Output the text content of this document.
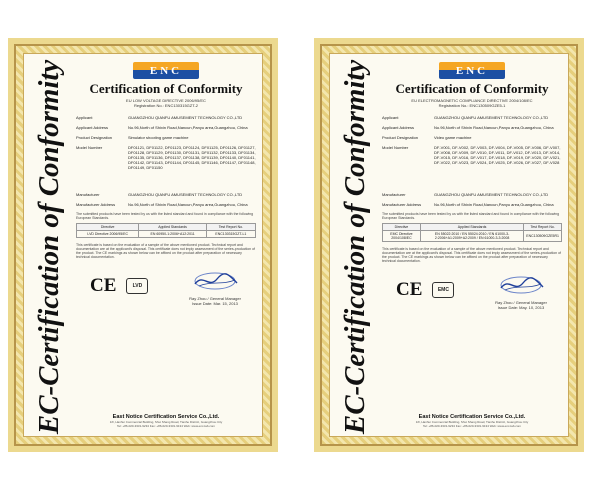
EC-Certification of Conformity
ENC
Certification of Conformity
EU LOW VOLTAGE DIRECTIVE 2006/95/EC
Registration No.: ENC130315GZT-2
Applicant	GUANGZHOU QIANFU AMUSEMENT TECHNOLOGY CO.,LTD
Applicant Address	No.96,North of Shixin Road,Nancun,Panyu area,Guangzhou, China
Product Designation	Simulator shooting game machine
Model Number	DF01121, DF01122, DF01123, DF01124, DF01125, DF01126, DF01127, DF01128, DF01129, DF01130, DF01131, DF01132, DF01133, DF01134, DF01135, DF01136, DF01137, DF01138, DF01139, DF01140, DF01141, DF01142, DF01143, DF01144, DF01145, DF01146, DF01147, DF01148, DF01149, DF01150
Manufacturer	GUANGZHOU QIANFU AMUSEMENT TECHNOLOGY CO.,LTD
Manufacturer Address	No.96,North of Shixin Road,Nancun,Panyu area,Guangzhou, China
The submitted products have been tested by us with the listed standard and found in compliance with the following European Standards.
Directive	Applied Standards	Test Report No.
LVD Directive 2006/95/EC	EN 60950-1:2006+A12:2011	ENC130315GZT-L1
This certificate is based on the evaluation of a sample of the above mentioned product. Technical report and documentation are at the applicant's disposal. This certificate does not imply assessment of the series-production of the product. The CE markings as shown below can be affixed on the product after preparation of necessary technical documentation.
CE	LVD
Ray Zhou / General Manager
Issue Date: Mar. 15, 2013
East Notice Certification Service Co.,Ltd.
1/F, Hanhui Commercial Building, Shui Shang Road, Tianhe District, Guangzhou City
Tel: +86-020-3331-9234 Fax: +86-020-3331-9134 Web: www.enc-lab.com	EC-Certification of Conformity
ENC
Certification of Conformity
EU ELECTROMAGNETIC COMPLIANCE DIRECTIVE 2004/108/EC
Registration No.: ENC130509GZE5-1
Applicant	GUANGZHOU QIANFU AMUSEMENT TECHNOLOGY CO.,LTD
Applicant Address	No.96,North of Shixin Road,Nancun,Panyu area,Guangzhou, China
Product Designation	Video game machine
Model Number	DF-V001, DF-V002, DF-V003, DF-V004, DF-V005, DF-V006, DF-V007, DF-V008, DF-V009, DF-V010, DF-V011, DF-V012, DF-V013, DF-V014, DF-V015, DF-V016, DF-V017, DF-V018, DF-V019, DF-V020, DF-V021, DF-V022, DF-V023, DF-V024, DF-V025, DF-V026, DF-V027, DF-V028
Manufacturer	GUANGZHOU QIANFU AMUSEMENT TECHNOLOGY CO.,LTD
Manufacturer Address	No.96,North of Shixin Road,Nancun,Panyu area,Guangzhou, China
The submitted products have been tested by us with the listed standard and found in compliance with the following European Standards.
Directive	Applied Standards	Test Report No.
EMC Directive 2004/108/EC	EN 55022:2010 / EN 55024:2010 / EN 61000-3-2:2006+A1:2009+A2:2009 / EN 61000-3-3:2008	ENC130509GZE5R1
This certificate is based on the evaluation of a sample of the above mentioned product. Technical report and documentation are at the applicant's disposal. This certificate does not imply assessment of the series-production of the product. The CE markings as shown below can be affixed on the product after preparation of necessary technical documentation.
CE	EMC
Ray Zhou / General Manager
Issue Date: May. 10, 2013
East Notice Certification Service Co.,Ltd.
1/F, Hanhui Commercial Building, Shui Shang Road, Tianhe District, Guangzhou City
Tel: +86-020-3331-9234 Fax: +86-020-3331-9134 Web: www.enc-lab.com
